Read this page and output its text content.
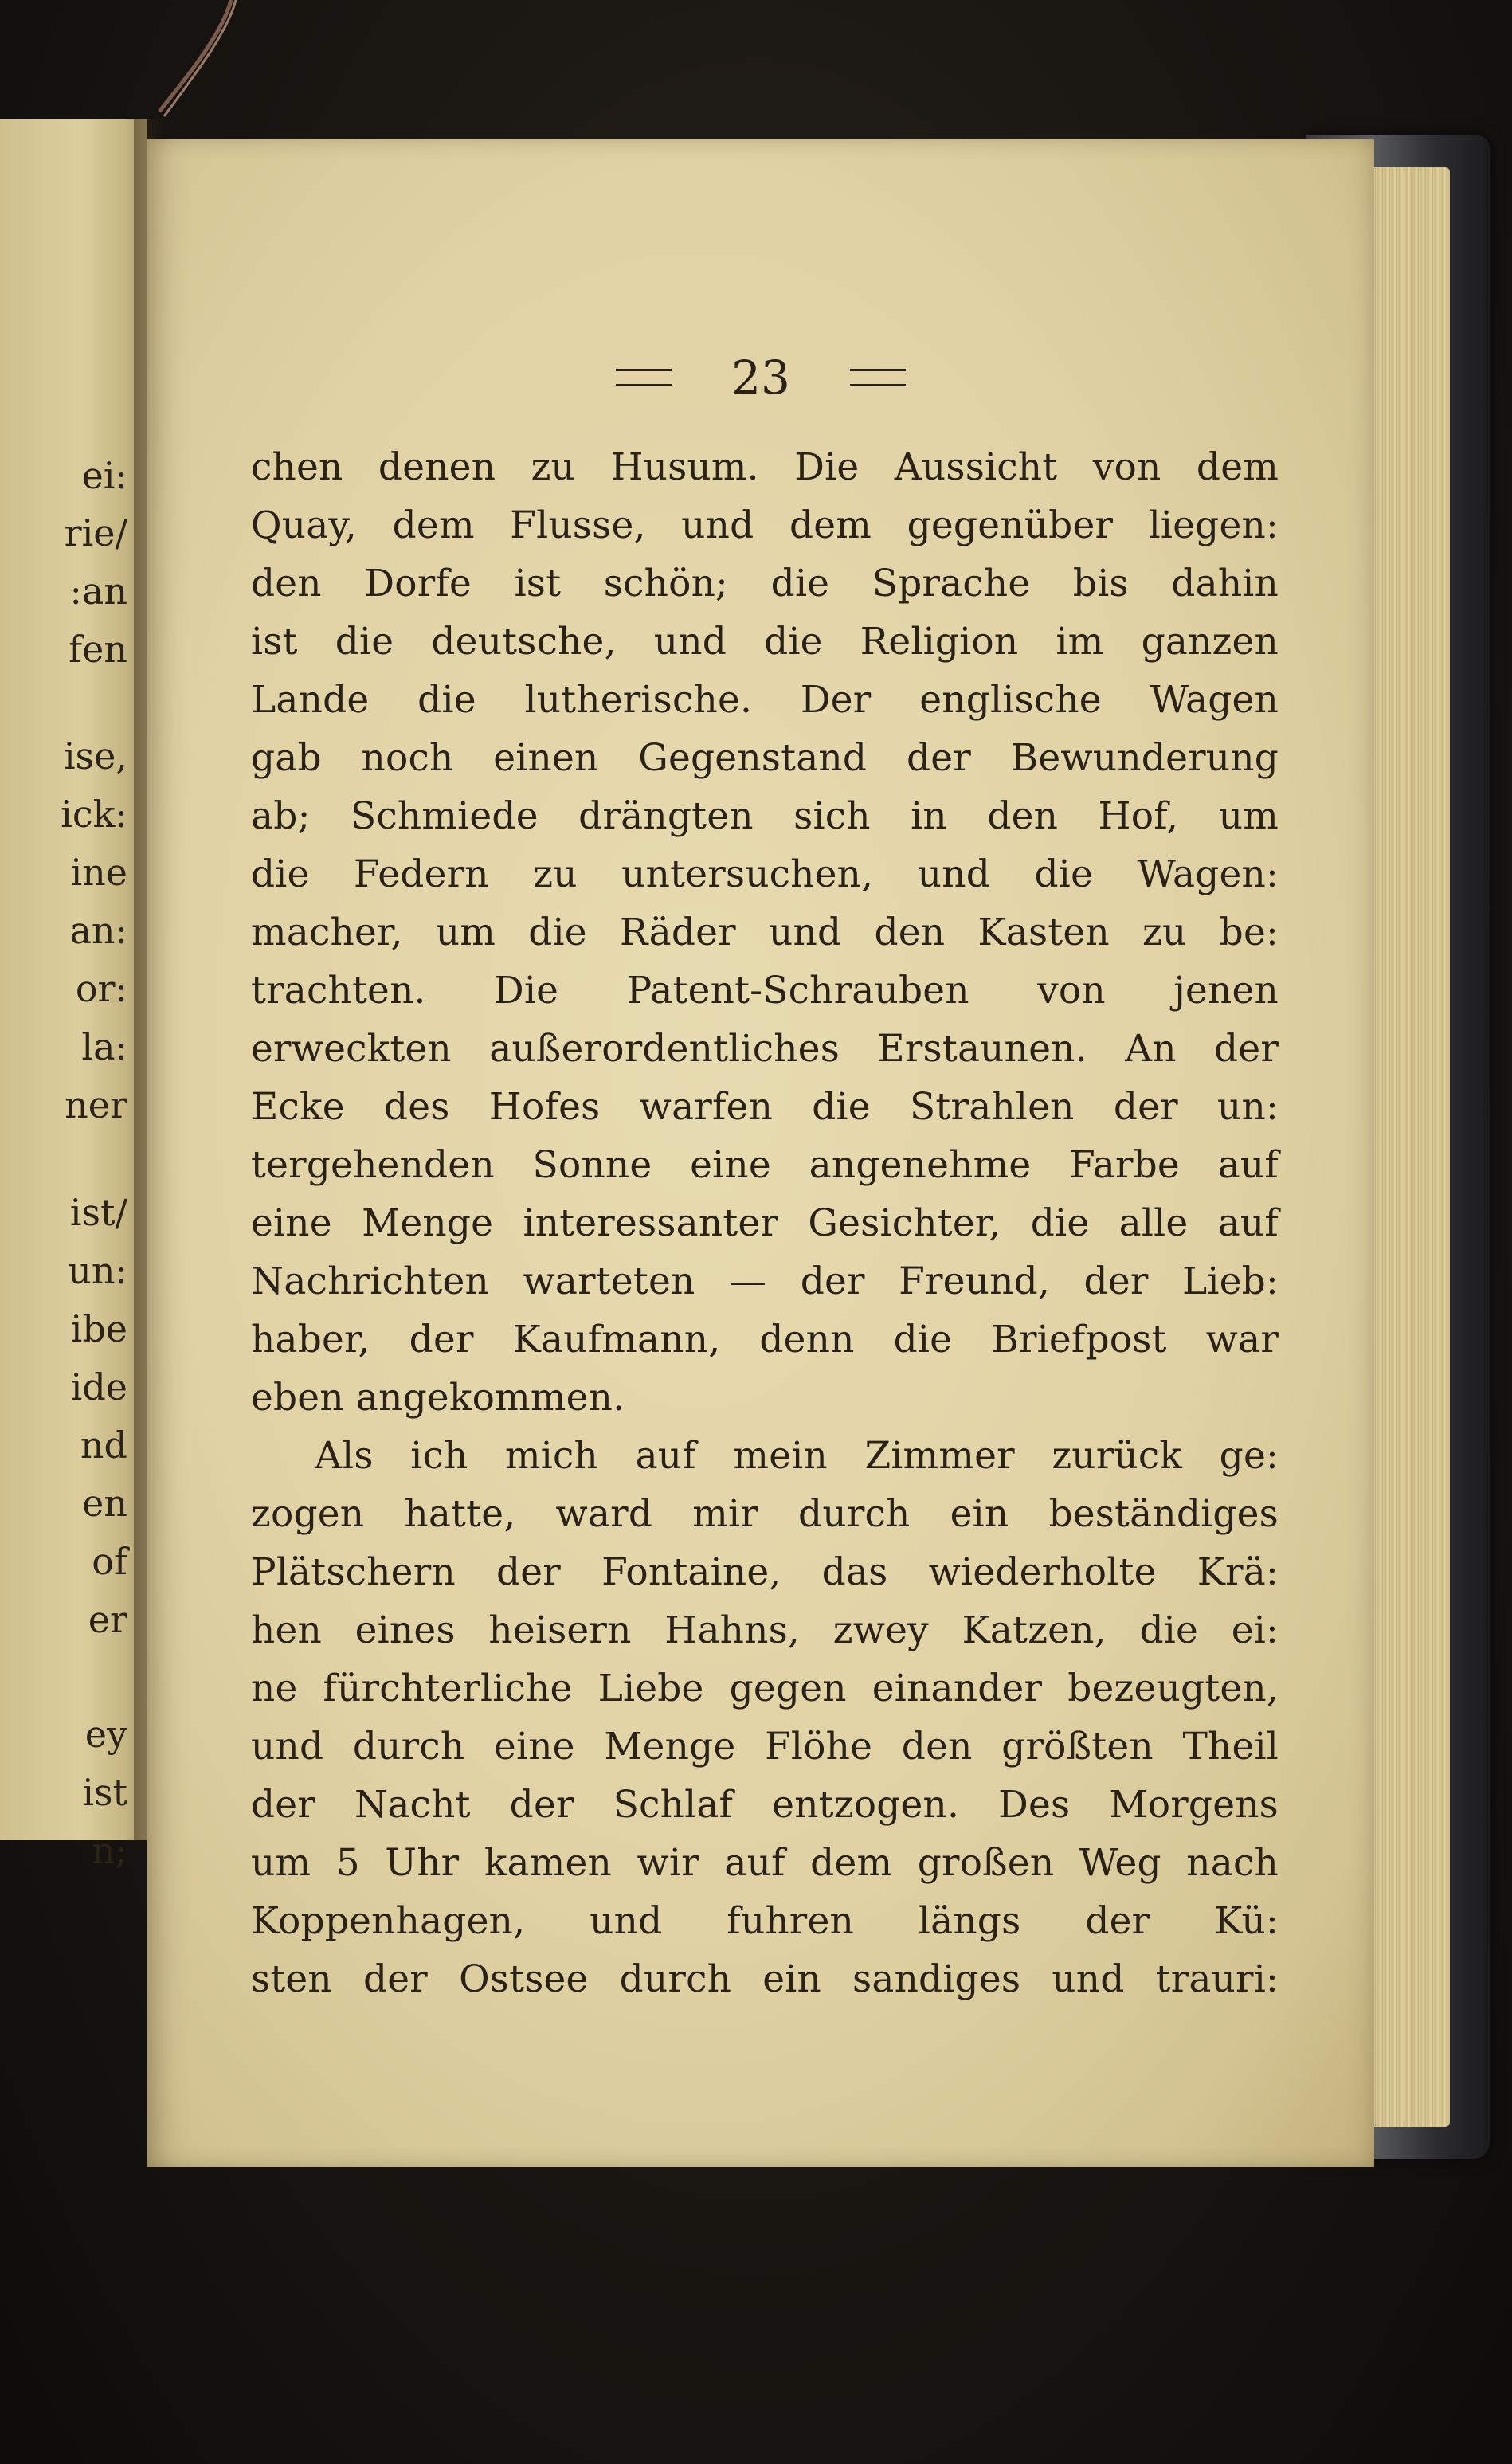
ei:
rie/
:an
fen
ise,
ick:
ine
an:
or:
la:
ner
ist/
un:
ibe
ide
nd
en
of
er
ey
ist
n;
23
chen denen zu Husum. Die Aussicht von dem
Quay, dem Flusse, und dem gegenüber liegen:
den Dorfe ist schön; die Sprache bis dahin
ist die deutsche, und die Religion im ganzen
Lande die lutherische. Der englische Wagen
gab noch einen Gegenstand der Bewunderung
ab; Schmiede drängten sich in den Hof, um
die Federn zu untersuchen, und die Wagen:
macher, um die Räder und den Kasten zu be:
trachten. Die Patent-Schrauben von jenen
erweckten außerordentliches Erstaunen. An der
Ecke des Hofes warfen die Strahlen der un:
tergehenden Sonne eine angenehme Farbe auf
eine Menge interessanter Gesichter, die alle auf
Nachrichten warteten — der Freund, der Lieb:
haber, der Kaufmann, denn die Briefpost war
eben angekommen.
Als ich mich auf mein Zimmer zurück ge:
zogen hatte, ward mir durch ein beständiges
Plätschern der Fontaine, das wiederholte Krä:
hen eines heisern Hahns, zwey Katzen, die ei:
ne fürchterliche Liebe gegen einander bezeugten,
und durch eine Menge Flöhe den größten Theil
der Nacht der Schlaf entzogen. Des Morgens
um 5 Uhr kamen wir auf dem großen Weg nach
Koppenhagen, und fuhren längs der Kü:
sten der Ostsee durch ein sandiges und trauri:
